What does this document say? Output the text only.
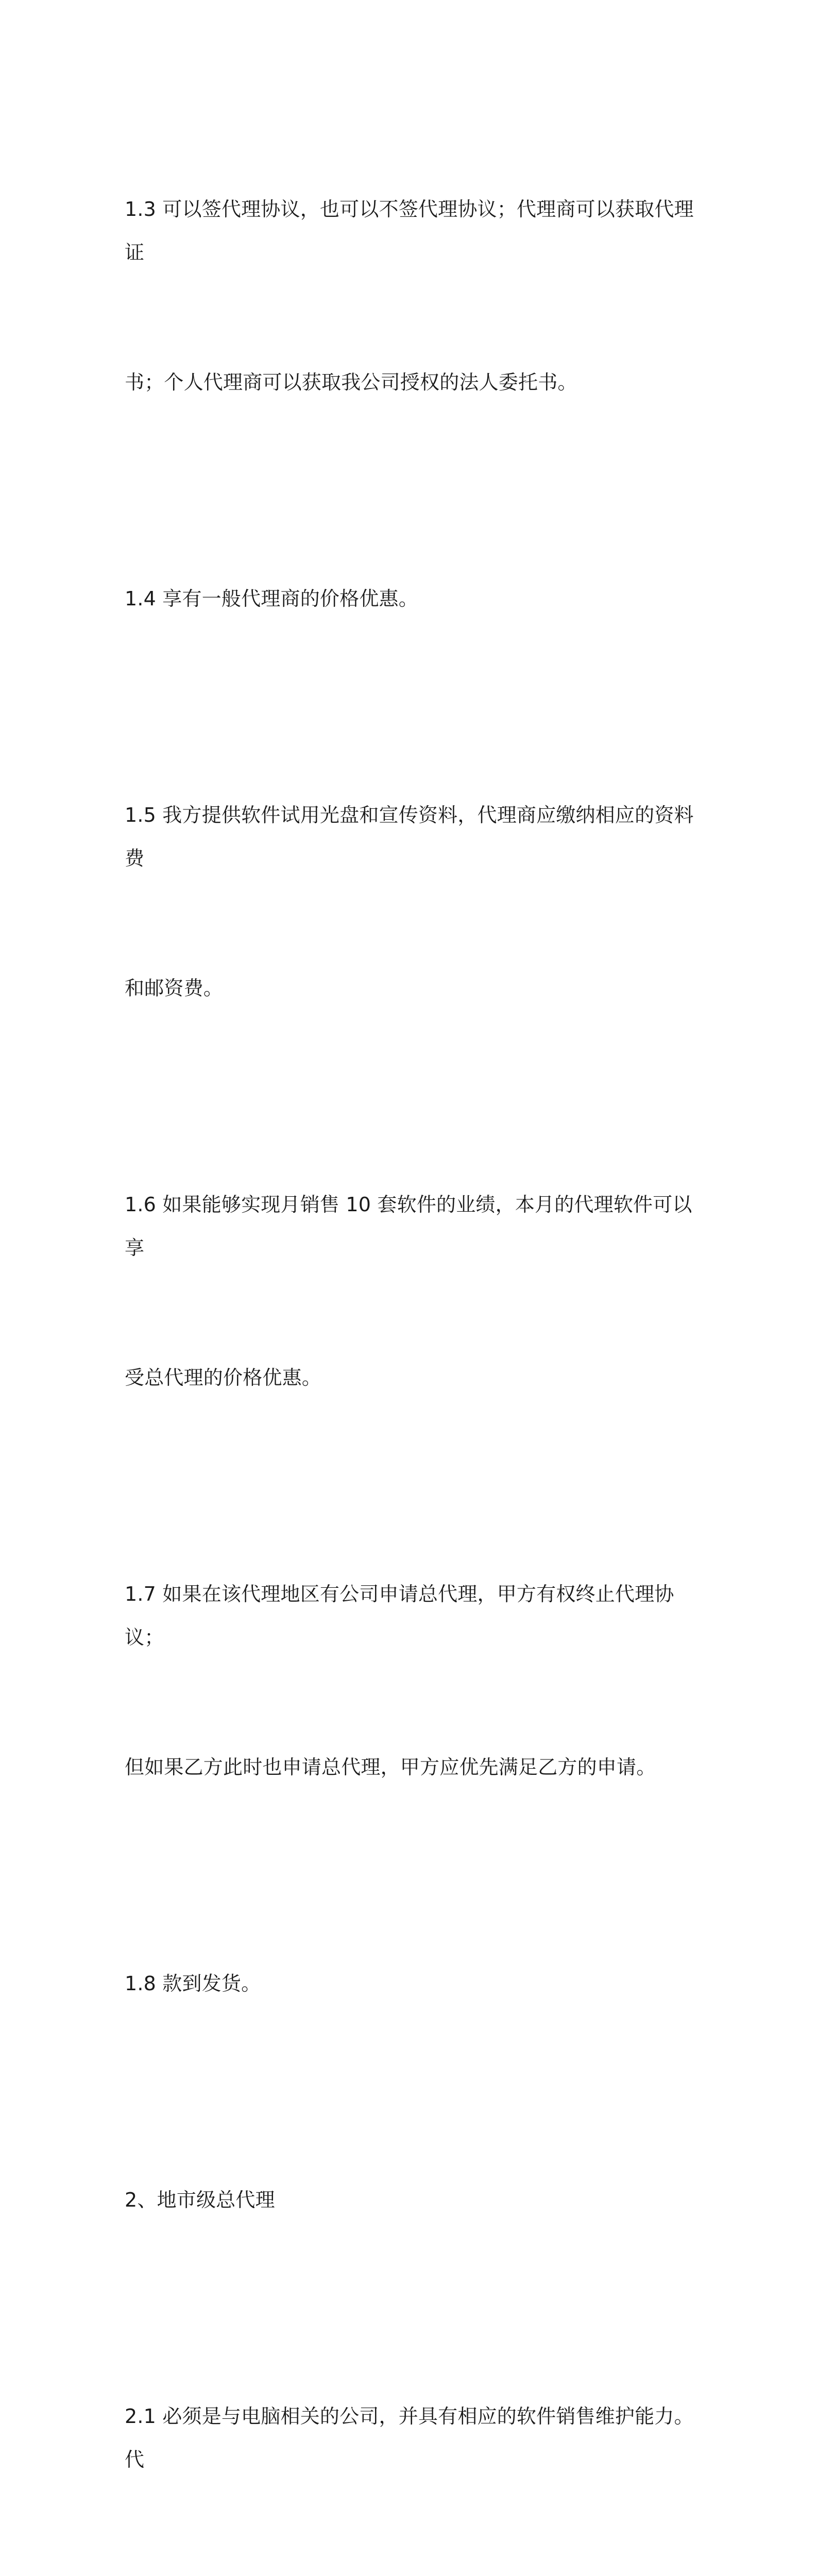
1.3 可以签代理协议，也可以不签代理协议；代理商可以获取代理证

书；个人代理商可以获取我公司授权的法人委托书。

1.4 享有一般代理商的价格优惠。

1.5 我方提供软件试用光盘和宣传资料，代理商应缴纳相应的资料费

和邮资费。

1.6 如果能够实现月销售 10 套软件的业绩，本月的代理软件可以享

受总代理的价格优惠。

1.7 如果在该代理地区有公司申请总代理，甲方有权终止代理协议；

但如果乙方此时也申请总代理，甲方应优先满足乙方的申请。

1.8 款到发货。

2、地市级总代理

2.1 必须是与电脑相关的公司，并具有相应的软件销售维护能力。代
